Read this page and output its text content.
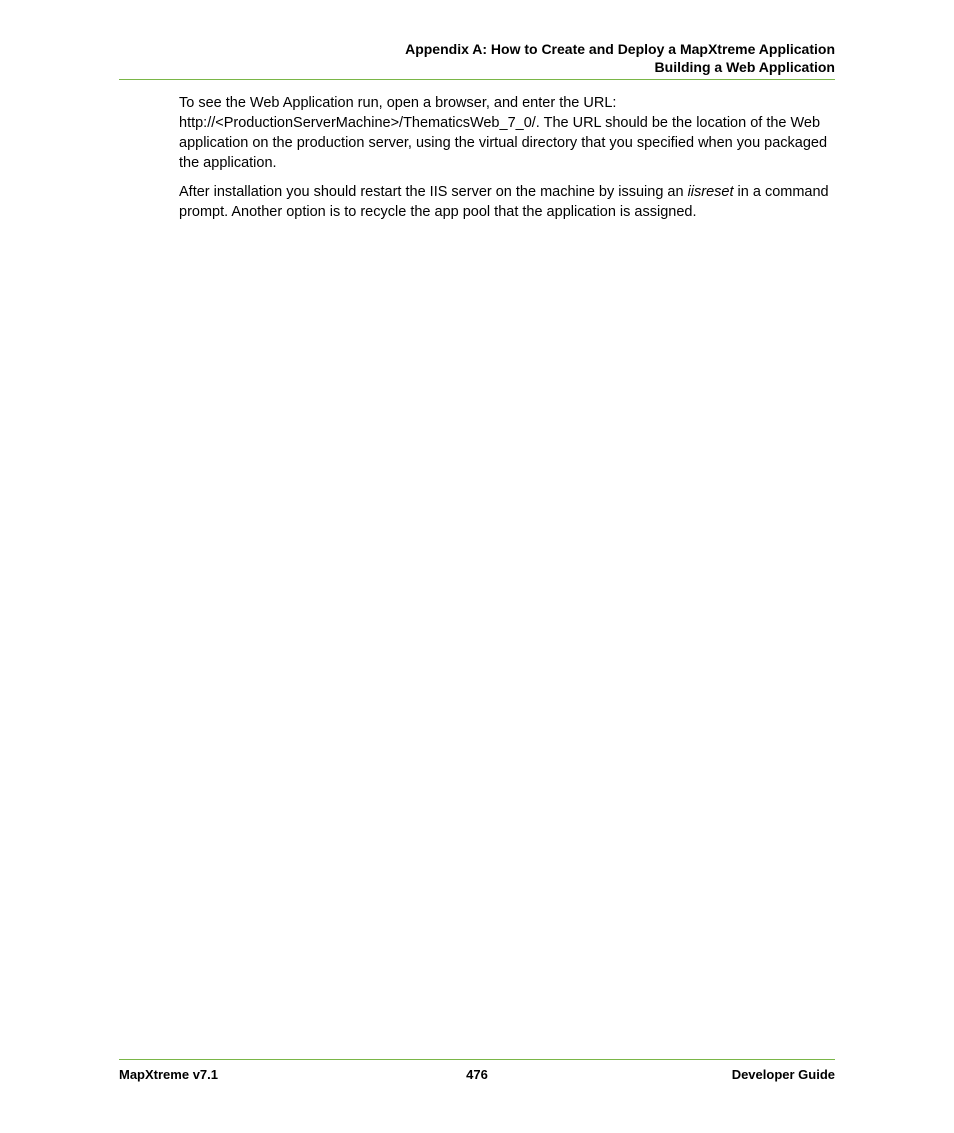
Appendix A: How to Create and Deploy a MapXtreme Application
Building a Web Application

To see the Web Application run, open a browser, and enter the URL:
http://<ProductionServerMachine>/ThematicsWeb_7_0/. The URL should be the location of the Web application on the production server, using the virtual directory that you specified when you packaged the application.

After installation you should restart the IIS server on the machine by issuing an iisreset in a command prompt. Another option is to recycle the app pool that the application is assigned.

MapXtreme v7.1	476	Developer Guide
